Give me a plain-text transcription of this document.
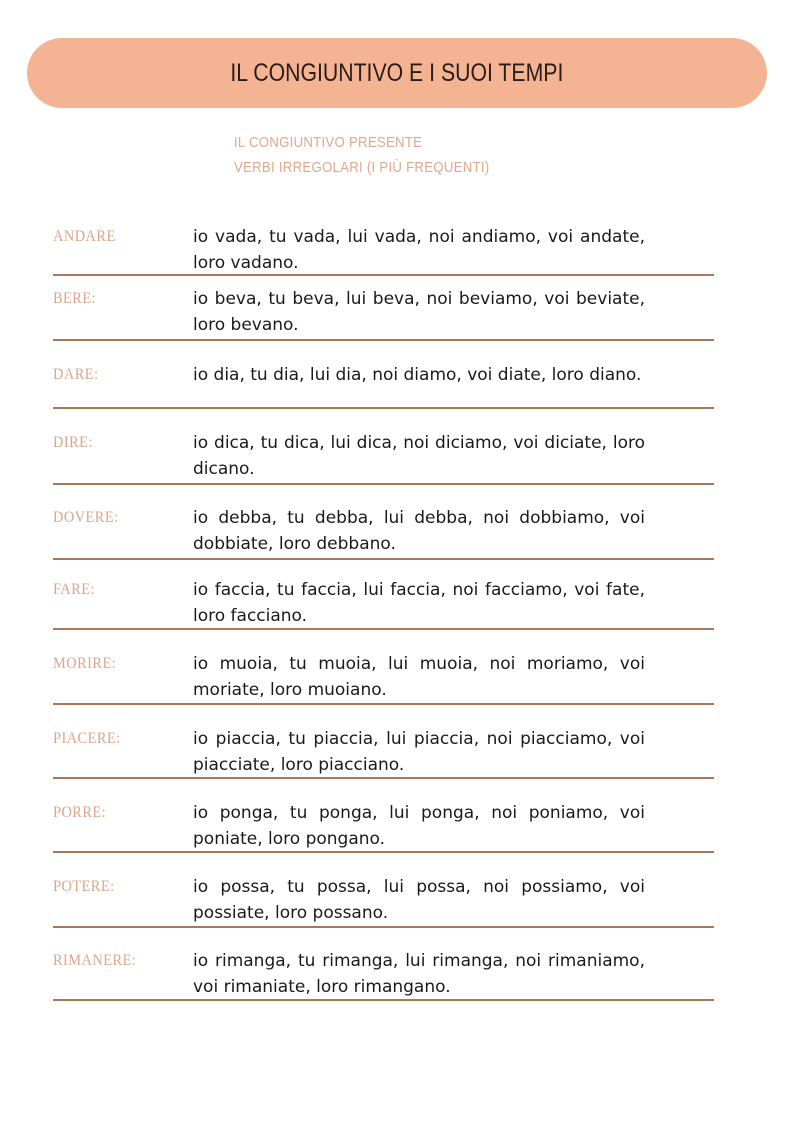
IL CONGIUNTIVO E I SUOI TEMPI
IL CONGIUNTIVO PRESENTE
VERBI IRREGOLARI (I PIÙ FREQUENTI)
ANDARE	io vada, tu vada, lui vada, noi andiamo, voi andate, loro vadano.
BERE:	io beva, tu beva, lui beva, noi beviamo, voi beviate, loro bevano.
DARE:	io dia, tu dia, lui dia, noi diamo, voi diate, loro diano.
DIRE:	io dica, tu dica, lui dica, noi diciamo, voi diciate, loro dicano.
DOVERE:	io debba, tu debba, lui debba, noi dobbiamo, voi dobbiate, loro debbano.
FARE:	io faccia, tu faccia, lui faccia, noi facciamo, voi fate, loro facciano.
MORIRE:	io muoia, tu muoia, lui muoia, noi moriamo, voi moriate, loro muoiano.
PIACERE:	io piaccia, tu piaccia, lui piaccia, noi piacciamo, voi piacciate, loro piacciano.
PORRE:	io ponga, tu ponga, lui ponga, noi poniamo, voi poniate, loro pongano.
POTERE:	io possa, tu possa, lui possa, noi possiamo, voi possiate, loro possano.
RIMANERE:	io rimanga, tu rimanga, lui rimanga, noi rimaniamo, voi rimaniate, loro rimangano.
